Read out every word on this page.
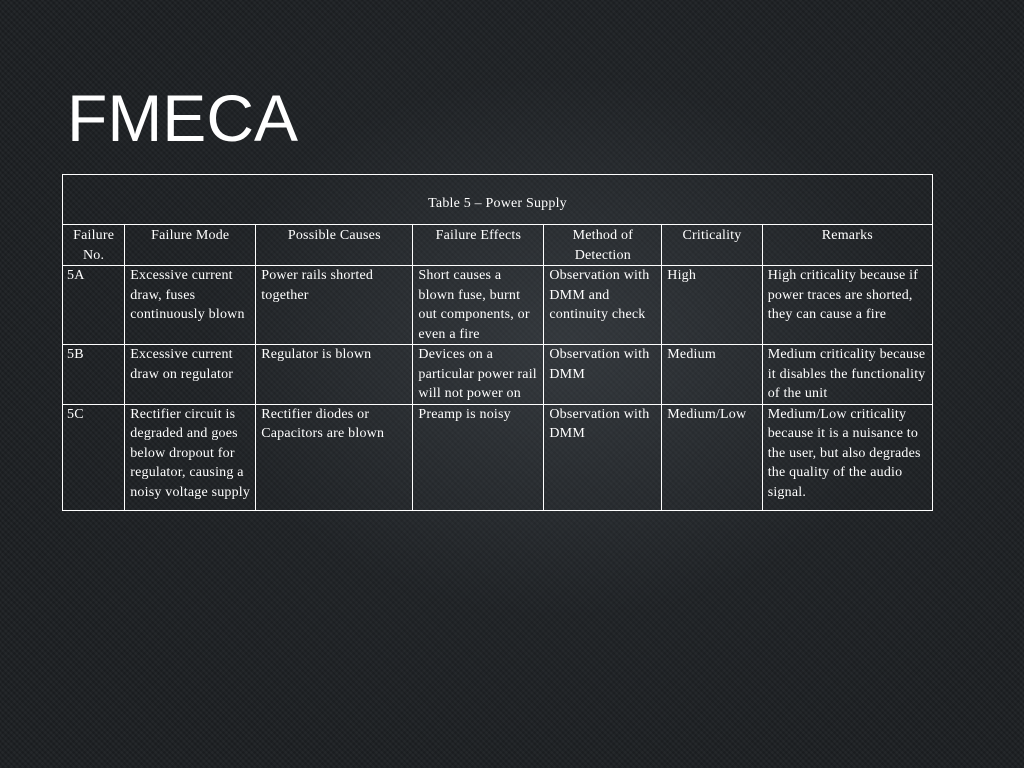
FMECA
Table 5 – Power Supply						
Failure No.	Failure Mode	Possible Causes	Failure Effects	Method of Detection	Criticality	Remarks
5A	Excessive current draw, fuses continuously blown	Power rails shorted together	Short causes a blown fuse, burnt out components, or even a fire	Observation with DMM and continuity check	High	High criticality because if power traces are shorted, they can cause a fire
5B	Excessive current draw on regulator	Regulator is blown	Devices on a particular power rail will not power on	Observation with DMM	Medium	Medium criticality because it disables the functionality of the unit
5C	Rectifier circuit is degraded and goes below dropout for regulator, causing a noisy voltage supply	Rectifier diodes or Capacitors are blown	Preamp is noisy	Observation with DMM	Medium/Low	Medium/Low criticality because it is a nuisance to the user, but also degrades the quality of the audio signal.
